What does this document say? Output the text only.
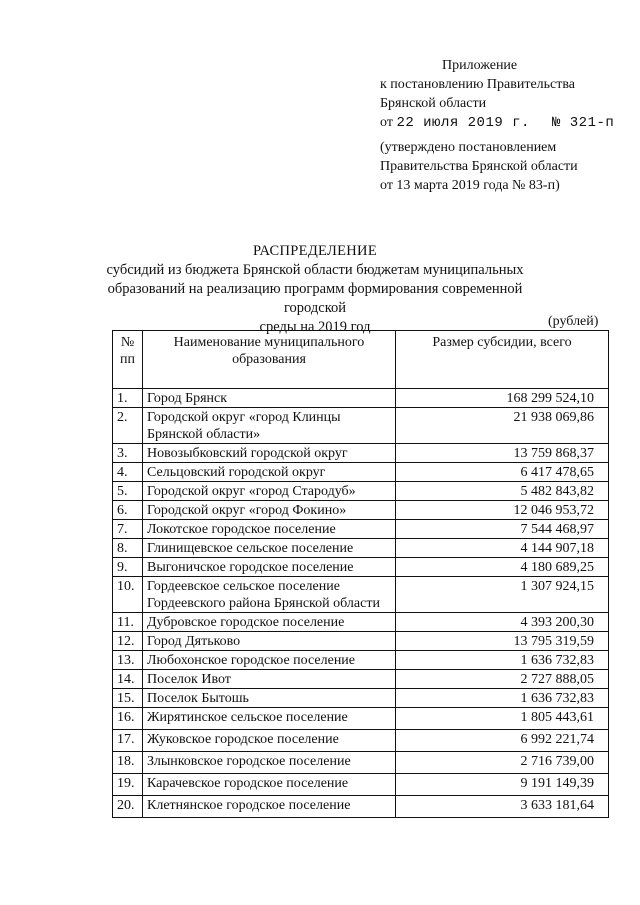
Приложение
к постановлению Правительства
Брянской области
от 22 июля 2019 г. № 321-п
(утверждено постановлением
Правительства Брянской области
от 13 марта 2019 года № 83-п)
РАСПРЕДЕЛЕНИЕ
субсидий из бюджета Брянской области бюджетам муниципальных
образований на реализацию программ формирования современной городской
среды на 2019 год	(рублей)
№ пп	Наименование муниципального образования	Размер субсидии, всего
1.	Город Брянск	168 299 524,10
2.	Городской округ «город Клинцы Брянской области»	21 938 069,86
3.	Новозыбковский городской округ	13 759 868,37
4.	Сельцовский городской округ	6 417 478,65
5.	Городской округ «город Стародуб»	5 482 843,82
6.	Городской округ «город Фокино»	12 046 953,72
7.	Локотское городское поселение	7 544 468,97
8.	Глинищевское сельское поселение	4 144 907,18
9.	Выгоничское городское поселение	4 180 689,25
10.	Гордеевское сельское поселение Гордеевского района Брянской области	1 307 924,15
11.	Дубровское городское поселение	4 393 200,30
12.	Город Дятьково	13 795 319,59
13.	Любохонское городское поселение	1 636 732,83
14.	Поселок Ивот	2 727 888,05
15.	Поселок Бытошь	1 636 732,83
16.	Жирятинское сельское поселение	1 805 443,61
17.	Жуковское городское поселение	6 992 221,74
18.	Злынковское городское поселение	2 716 739,00
19.	Карачевское городское поселение	9 191 149,39
20.	Клетнянское городское поселение	3 633 181,64
